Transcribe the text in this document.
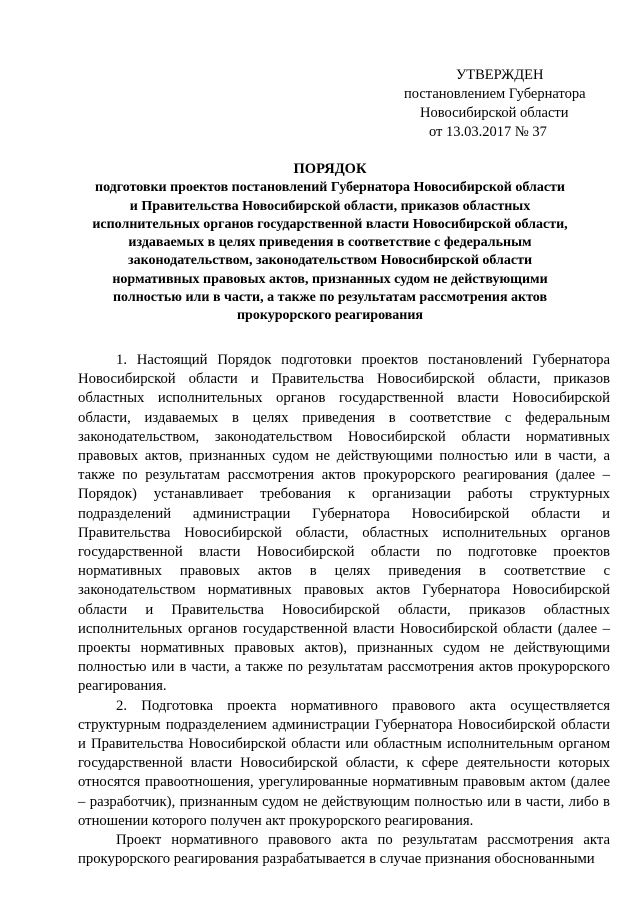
УТВЕРЖДЕН
постановлением Губернатора
Новосибирской области
от 13.03.2017 № 37
ПОРЯДОК
подготовки проектов постановлений Губернатора Новосибирской области
и Правительства Новосибирской области, приказов областных
исполнительных органов государственной власти Новосибирской области,
издаваемых в целях приведения в соответствие с федеральным
законодательством, законодательством Новосибирской области
нормативных правовых актов, признанных судом не действующими
полностью или в части, а также по результатам рассмотрения актов
прокурорского реагирования

1. Настоящий Порядок подготовки проектов постановлений Губернатора Новосибирской области и Правительства Новосибирской области, приказов областных исполнительных органов государственной власти Новосибирской области, издаваемых в целях приведения в соответствие с федеральным законодательством, законодательством Новосибирской области нормативных правовых актов, признанных судом не действующими полностью или в части, а также по результатам рассмотрения актов прокурорского реагирования (далее – Порядок) устанавливает требования к организации работы структурных подразделений администрации Губернатора Новосибирской области и Правительства Новосибирской области, областных исполнительных органов государственной власти Новосибирской области по подготовке проектов нормативных правовых актов в целях приведения в соответствие с законодательством нормативных правовых актов Губернатора Новосибирской области и Правительства Новосибирской области, приказов областных исполнительных органов государственной власти Новосибирской области (далее – проекты нормативных правовых актов), признанных судом не действующими полностью или в части, а также по результатам рассмотрения актов прокурорского реагирования.

2. Подготовка проекта нормативного правового акта осуществляется структурным подразделением администрации Губернатора Новосибирской области и Правительства Новосибирской области или областным исполнительным органом государственной власти Новосибирской области, к сфере деятельности которых относятся правоотношения, урегулированные нормативным правовым актом (далее – разработчик), признанным судом не действующим полностью или в части, либо в отношении которого получен акт прокурорского реагирования.

Проект нормативного правового акта по результатам рассмотрения акта прокурорского реагирования разрабатывается в случае признания обоснованными
